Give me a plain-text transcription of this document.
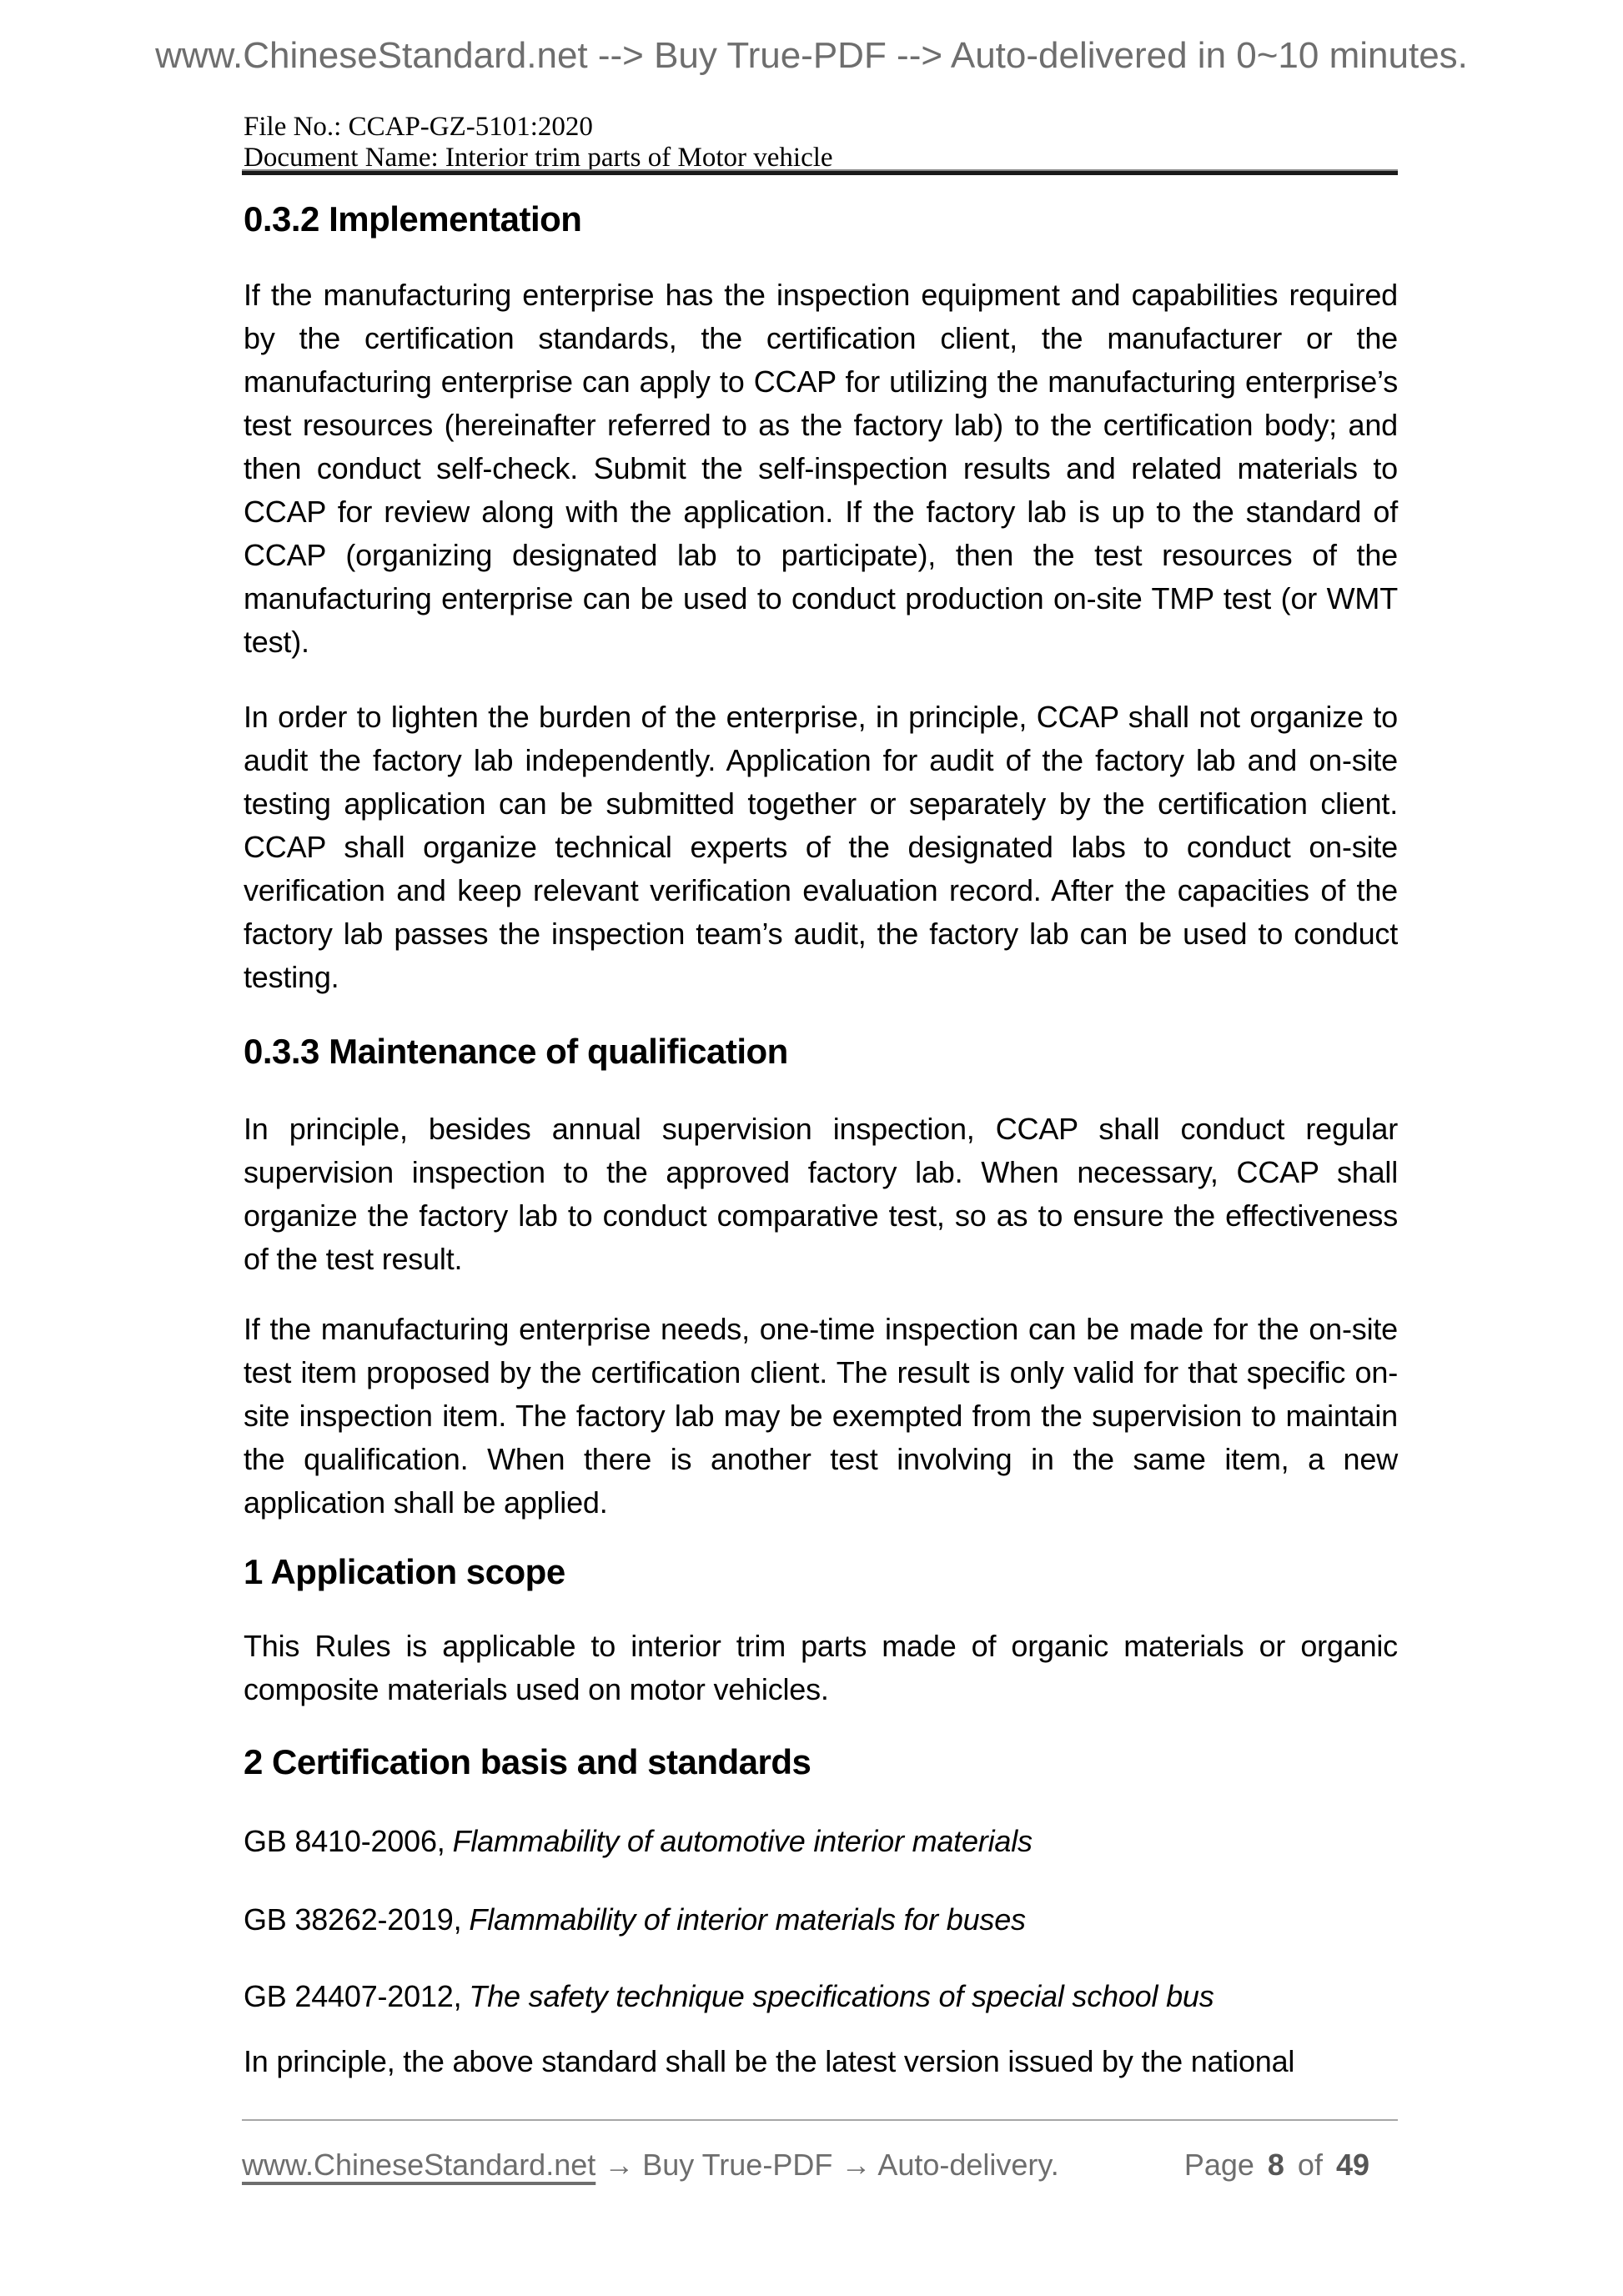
www.ChineseStandard.net --> Buy True-PDF --> Auto-delivered in 0~10 minutes.
File No.: CCAP-GZ-5101:2020
Document Name: Interior trim parts of Motor vehicle
0.3.2 Implementation

If the manufacturing enterprise has the inspection equipment and capabilities required by the certification standards, the certification client, the manufacturer or the manufacturing enterprise can apply to CCAP for utilizing the manufacturing enterprise’s test resources (hereinafter referred to as the factory lab) to the certification body; and then conduct self-check. Submit the self-inspection results and related materials to CCAP for review along with the application. If the factory lab is up to the standard of CCAP (organizing designated lab to participate), then the test resources of the manufacturing enterprise can be used to conduct production on-site TMP test (or WMT test).

In order to lighten the burden of the enterprise, in principle, CCAP shall not organize to audit the factory lab independently. Application for audit of the factory lab and on-site testing application can be submitted together or separately by the certification client. CCAP shall organize technical experts of the designated labs to conduct on-site verification and keep relevant verification evaluation record. After the capacities of the factory lab passes the inspection team’s audit, the factory lab can be used to conduct testing.

0.3.3 Maintenance of qualification

In principle, besides annual supervision inspection, CCAP shall conduct regular supervision inspection to the approved factory lab. When necessary, CCAP shall organize the factory lab to conduct comparative test, so as to ensure the effectiveness of the test result.

If the manufacturing enterprise needs, one-time inspection can be made for the on-site test item proposed by the certification client. The result is only valid for that specific on-site inspection item. The factory lab may be exempted from the supervision to maintain the qualification. When there is another test involving in the same item, a new application shall be applied.

1 Application scope

This Rules is applicable to interior trim parts made of organic materials or organic composite materials used on motor vehicles.

2 Certification basis and standards

GB 8410-2006, Flammability of automotive interior materials

GB 38262-2019, Flammability of interior materials for buses

GB 24407-2012, The safety technique specifications of special school bus

In principle, the above standard shall be the latest version issued by the national

www.ChineseStandard.net → Buy True-PDF → Auto-delivery.	Page 8 of 49
